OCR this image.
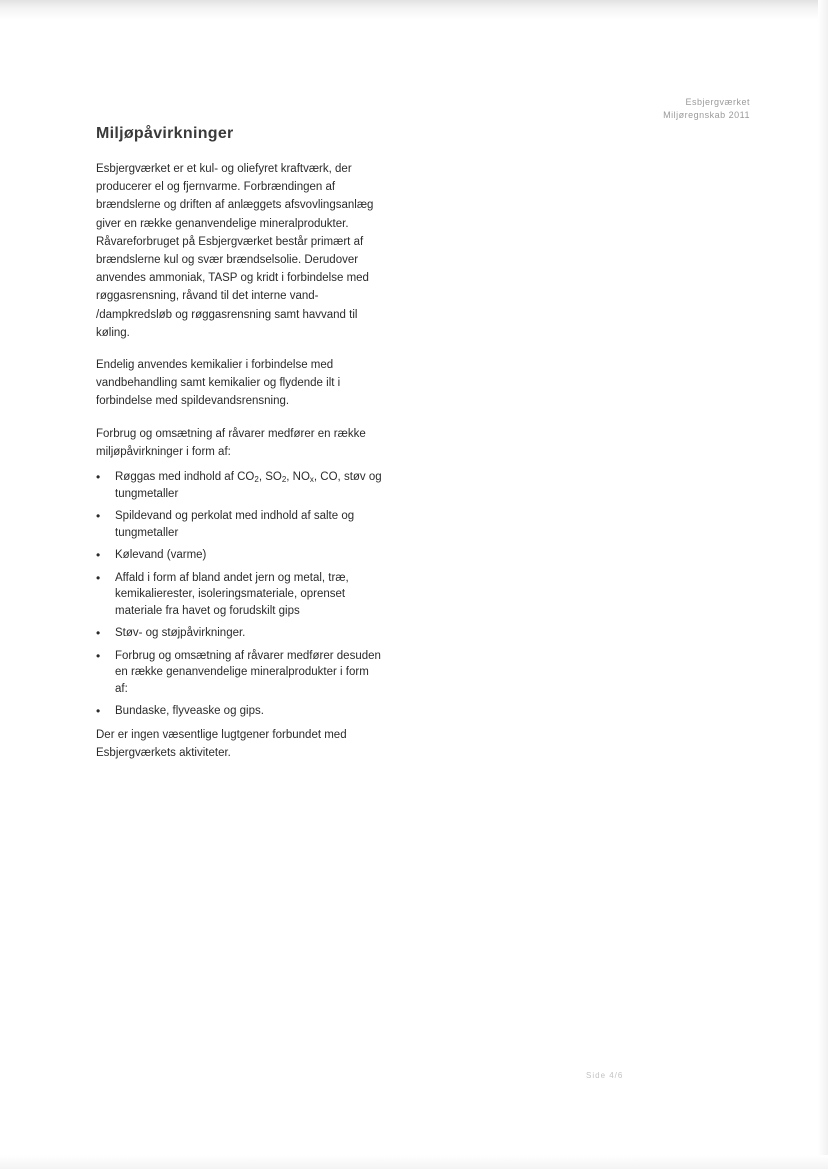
Esbjergværket
Miljøregnskab 2011
Miljøpåvirkninger

Esbjergværket er et kul- og oliefyret kraftværk, der
producerer el og fjernvarme. Forbrændingen af
brændslerne og driften af anlæggets afsvovlingsanlæg
giver en række genanvendelige mineralprodukter.
Råvareforbruget på Esbjergværket består primært af
brændslerne kul og svær brændselsolie. Derudover
anvendes ammoniak, TASP og kridt i forbindelse med
røggasrensning, råvand til det interne vand-
/dampkredsløb og røggasrensning samt havvand til
køling.

Endelig anvendes kemikalier i forbindelse med
vandbehandling samt kemikalier og flydende ilt i
forbindelse med spildevandsrensning.

Forbrug og omsætning af råvarer medfører en række
miljøpåvirkninger i form af:

• Røggas med indhold af $CO_2$, $SO_2$, $NO_x$, CO, støv og
tungmetaller
• Spildevand og perkolat med indhold af salte og
tungmetaller
• Kølevand (varme)
• Affald i form af bland andet jern og metal, træ,
kemikalierester, isoleringsmateriale, oprenset
materiale fra havet og forudskilt gips
• Støv- og støjpåvirkninger.
• Forbrug og omsætning af råvarer medfører desuden
en række genanvendelige mineralprodukter i form
af:
• Bundaske, flyveaske og gips.

Der er ingen væsentlige lugtgener forbundet med
Esbjergværkets aktiviteter.

Side 4/6
